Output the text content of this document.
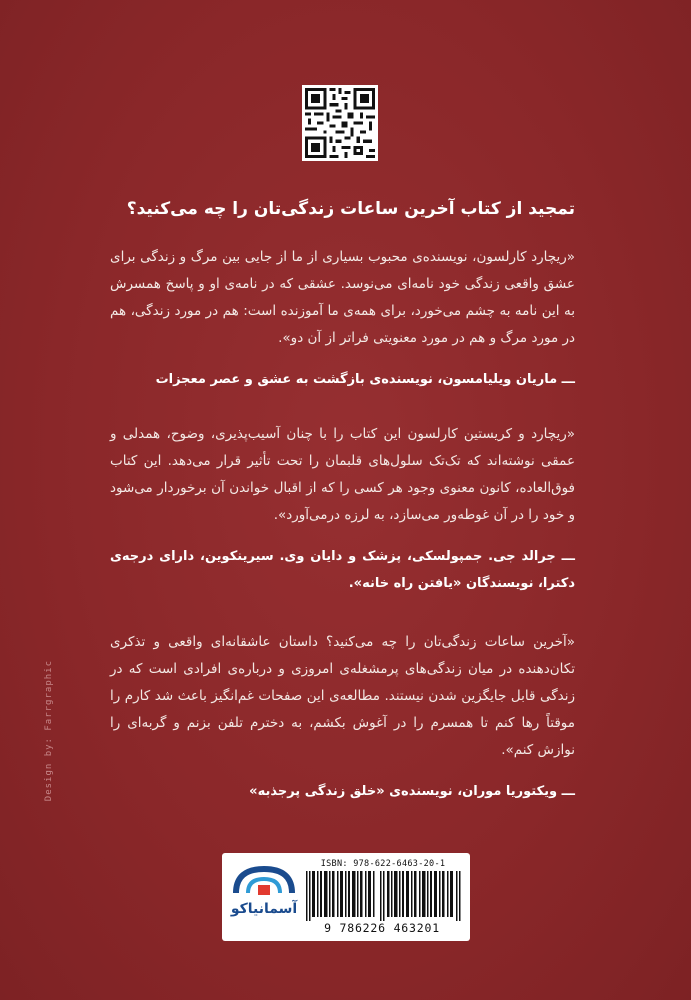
تمجید از کتاب آخرین ساعات زندگی‌تان را چه می‌کنید؟

«ریچارد کارلسون، نویسنده‌ی محبوب بسیاری از ما از جایی بین مرگ و زندگی برای عشق واقعی زندگی خود نامه‌ای می‌نوسد. عشقی که در نامه‌ی او و پاسخ همسرش به این نامه به چشم می‌خورد، برای همه‌ی ما آموزنده است: هم در مورد زندگی، هم در مورد مرگ و هم در مورد معنویتی فراتر از آن دو».

ـــ ماریان ویلیامسون، نویسنده‌ی بازگشت به عشق و عصر معجزات

«ریچارد و کریستین کارلسون این کتاب را با چنان آسیب‌پذیری، وضوح، همدلی و عمقی نوشته‌اند که تک‌تک سلول‌های قلبمان را تحت تأثیر قرار می‌دهد. این کتاب فوق‌العاده، کانون معنوی وجود هر کسی را که از اقبال خواندن آن برخوردار می‌شود و خود را در آن غوطه‌ور می‌سازد، به لرزه درمی‌آورد».

ـــ جرالد جی. جمپولسکی، پزشک و دایان وی. سیرینکوین، دارای درجه‌ی دکترا، نویسندگان «یافتن راه خانه».

«آخرین ساعات زندگی‌تان را چه می‌کنید؟ داستان عاشقانه‌ای واقعی و تذکری تکان‌دهنده در میان زندگی‌های پرمشغله‌ی امروزی و درباره‌ی افرادی است که در زندگی قابل جایگزین شدن نیستند. مطالعه‌ی این صفحات غم‌انگیز باعث شد کارم را موقتاً رها کنم تا همسرم را در آغوش بکشم، به دخترم تلفن بزنم و گربه‌ای را نوازش کنم».

ـــ ویکتوریا موران، نویسنده‌ی «خلق زندگی پرجذبه»

Design by: Farrgraphic
آسمانیاکو
ISBN: 978-622-6463-20-1
9 786226 463201
